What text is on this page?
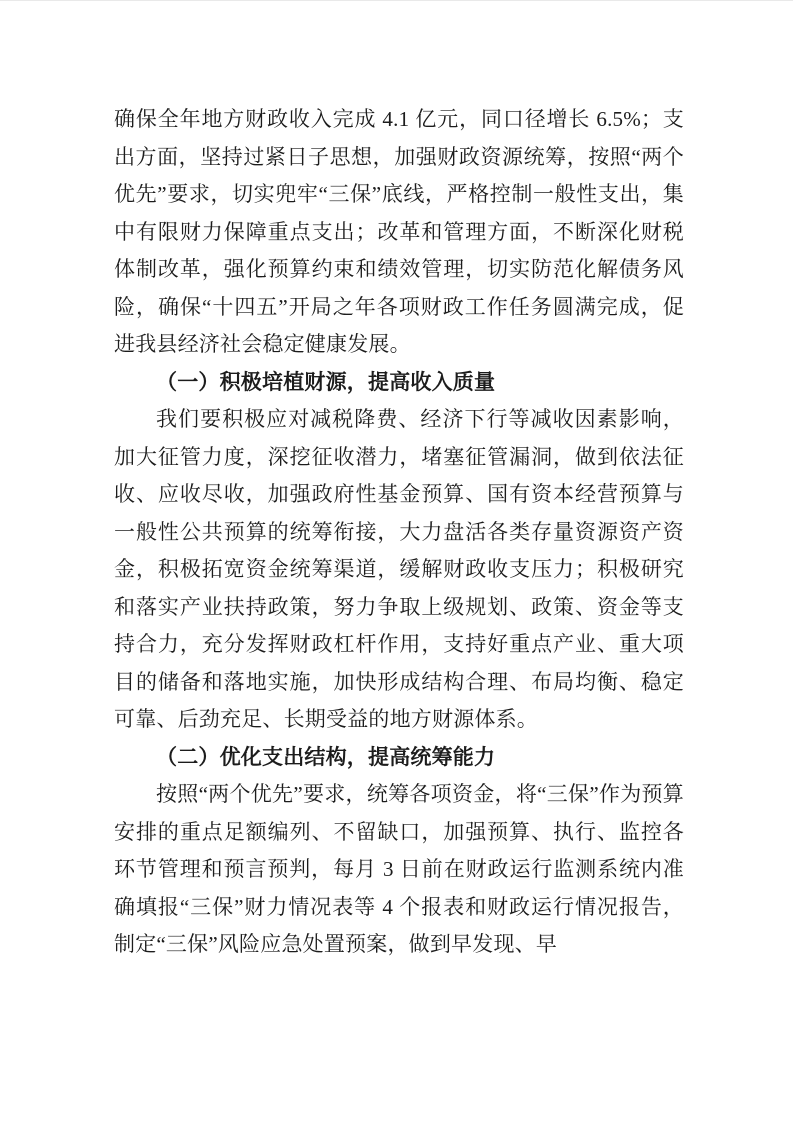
确保全年地方财政收入完成 4.1 亿元，同口径增长 6.5%；支出方面，坚持过紧日子思想，加强财政资源统筹，按照“两个优先”要求，切实兜牢“三保”底线，严格控制一般性支出，集中有限财力保障重点支出；改革和管理方面，不断深化财税体制改革，强化预算约束和绩效管理，切实防范化解债务风险，确保“十四五”开局之年各项财政工作任务圆满完成，促进我县经济社会稳定健康发展。

（一）积极培植财源，提高收入质量

我们要积极应对减税降费、经济下行等减收因素影响，加大征管力度，深挖征收潜力，堵塞征管漏洞，做到依法征收、应收尽收，加强政府性基金预算、国有资本经营预算与一般性公共预算的统筹衔接，大力盘活各类存量资源资产资金，积极拓宽资金统筹渠道，缓解财政收支压力；积极研究和落实产业扶持政策，努力争取上级规划、政策、资金等支持合力，充分发挥财政杠杆作用，支持好重点产业、重大项目的储备和落地实施，加快形成结构合理、布局均衡、稳定可靠、后劲充足、长期受益的地方财源体系。

（二）优化支出结构，提高统筹能力

按照“两个优先”要求，统筹各项资金，将“三保”作为预算安排的重点足额编列、不留缺口，加强预算、执行、监控各环节管理和预言预判，每月 3 日前在财政运行监测系统内准确填报“三保”财力情况表等 4 个报表和财政运行情况报告，制定“三保”风险应急处置预案，做到早发现、早
